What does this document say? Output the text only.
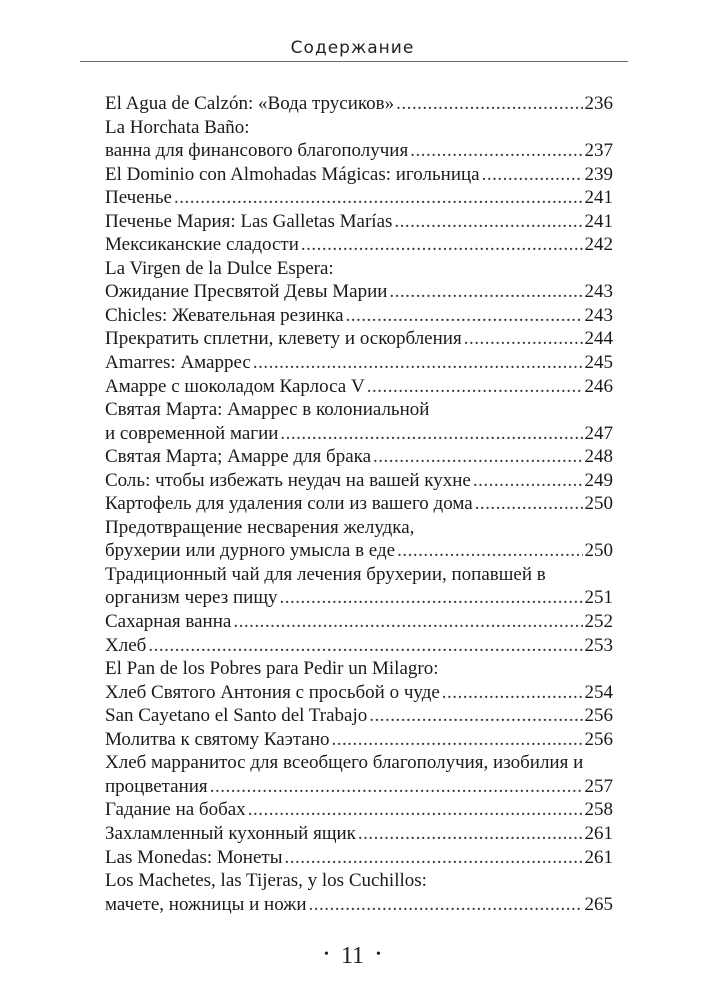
Содержание
El Agua de Calzón: «Вода трусиков» .....	236
La Horchata Baño:
ванна для финансового благополучия .....	237
El Dominio con Almohadas Mágicas: игольница .....	239
Печенье .....	241
Печенье Мария: Las Galletas Marías .....	241
Мексиканские сладости .....	242
La Virgen de la Dulce Espera:
Ожидание Пресвятой Девы Марии .....	243
Chicles: Жевательная резинка .....	243
Прекратить сплетни, клевету и оскорбления .....	244
Amarres: Амаррес .....	245
Амарре с шоколадом Карлоса V .....	246
Святая Марта: Амаррес в колониальной
и современной магии .....	247
Святая Марта; Амарре для брака .....	248
Соль: чтобы избежать неудач на вашей кухне .....	249
Картофель для удаления соли из вашего дома .....	250
Предотвращение несварения желудка,
брухерии или дурного умысла в еде .....	250
Традиционный чай для лечения брухерии, попавшей в
организм через пищу .....	251
Сахарная ванна .....	252
Хлеб .....	253
El Pan de los Pobres para Pedir un Milagro:
Хлеб Святого Антония с просьбой о чуде .....	254
San Cayetano el Santo del Trabajo .....	256
Молитва к святому Каэтано .....	256
Хлеб марранитос для всеобщего благополучия, изобилия и
процветания .....	257
Гадание на бобах .....	258
Захламленный кухонный ящик .....	261
Las Monedas: Монеты .....	261
Los Machetes, las Tijeras, y los Cuchillos:
мачете, ножницы и ножи .....	265
• 11 •
